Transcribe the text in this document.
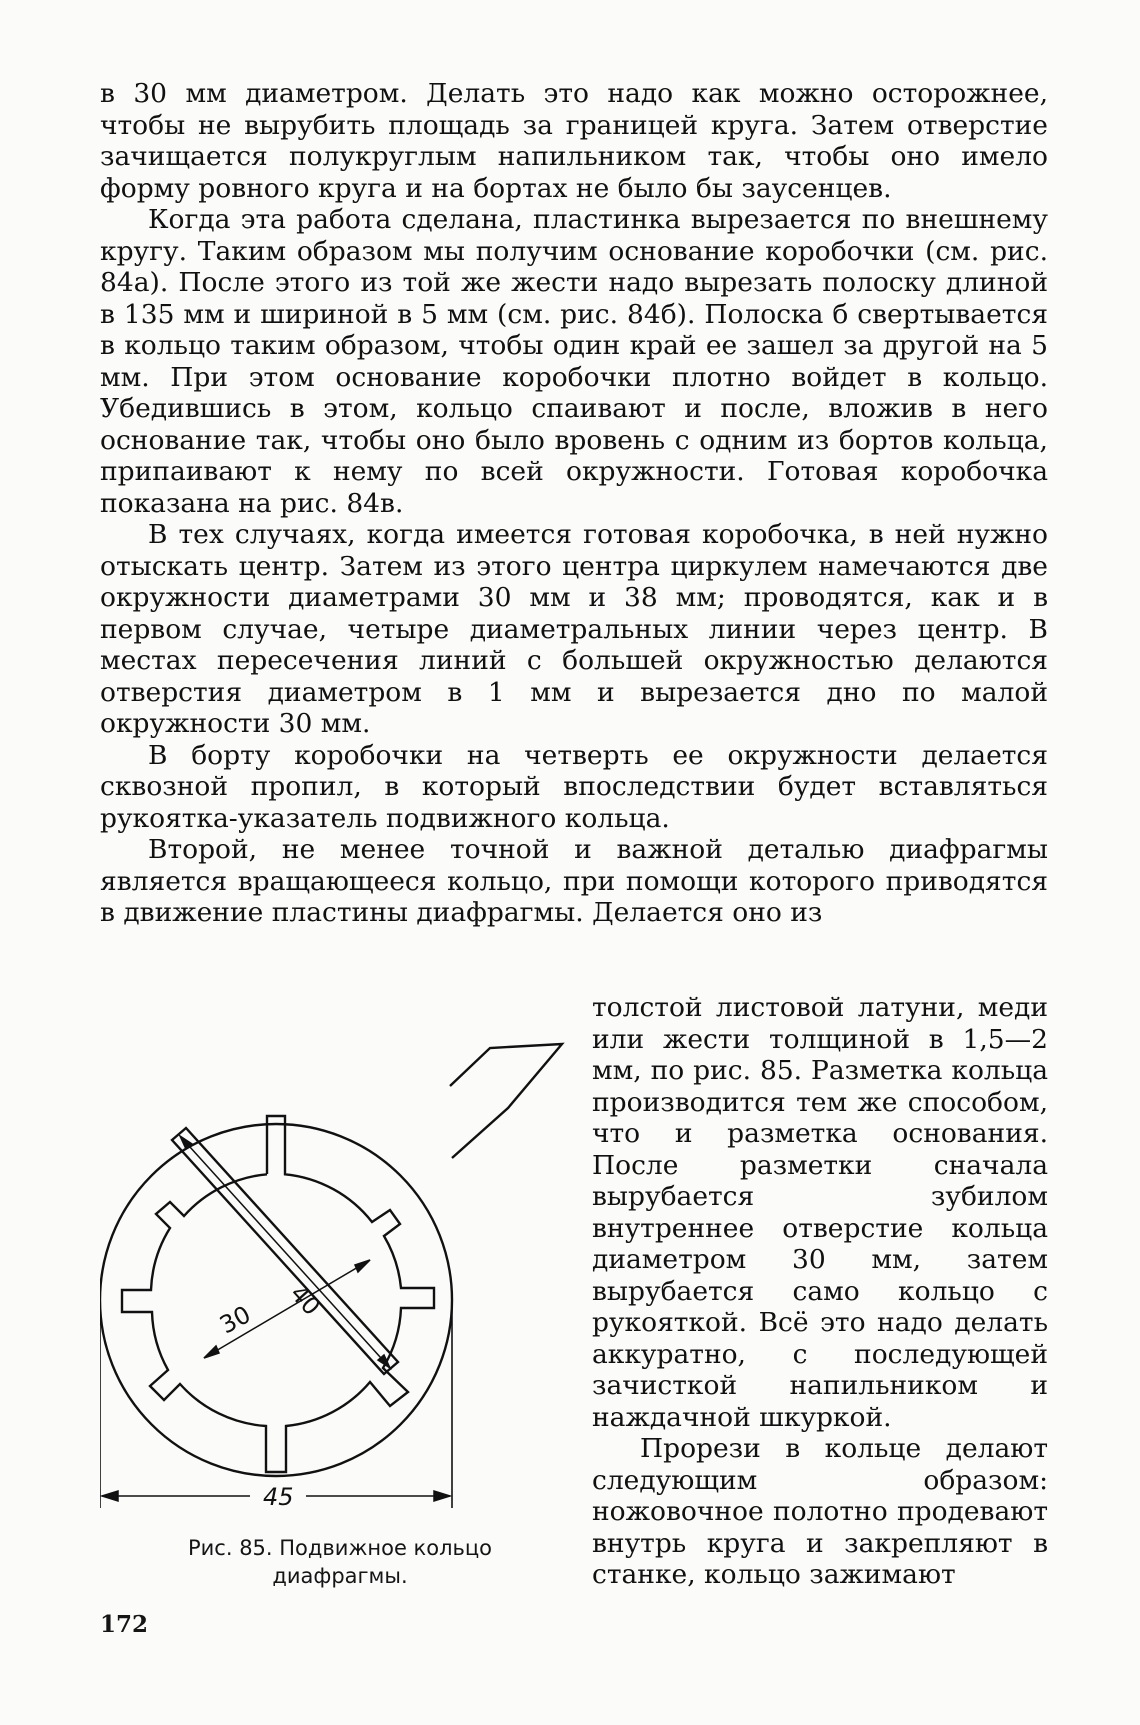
в 30 мм диаметром. Делать это надо как можно осторожнее, чтобы не вырубить площадь за границей круга. Затем отверстие зачищается полукруглым напильником так, чтобы оно имело форму ровного круга и на бортах не было бы заусенцев.

Когда эта работа сделана, пластинка вырезается по внешнему кругу. Таким образом мы получим основание коробочки (см. рис. 84а). После этого из той же жести надо вырезать полоску длиной в 135 мм и шириной в 5 мм (см. рис. 84б). Полоска б свертывается в кольцо таким образом, чтобы один край ее зашел за другой на 5 мм. При этом основание коробочки плотно войдет в кольцо. Убедившись в этом, кольцо спаивают и после, вложив в него основание так, чтобы оно было вровень с одним из бортов кольца, припаивают к нему по всей окружности. Готовая коробочка показана на рис. 84в.

В тех случаях, когда имеется готовая коробочка, в ней нужно отыскать центр. Затем из этого центра циркулем намечаются две окружности диаметрами 30 мм и 38 мм; проводятся, как и в первом случае, четыре диаметральных линии через центр. В местах пересечения линий с большей окружностью делаются отверстия диаметром в 1 мм и вырезается дно по малой окружности 30 мм.

В борту коробочки на четверть ее окружности делается сквозной пропил, в который впоследствии будет вставляться рукоятка-указатель подвижного кольца.

Второй, не менее точной и важной деталью диафрагмы является вращающееся кольцо, при помощи которого приводятся в движение пластины диафрагмы. Делается оно из

толстой листовой латуни, меди или жести толщиной в 1,5—2 мм, по рис. 85. Разметка кольца производится тем же способом, что и разметка основания. После разметки сначала вырубается зубилом внутреннее отверстие кольца диаметром 30 мм, затем вырубается само кольцо с рукояткой. Всё это надо делать аккуратно, с последующей зачисткой напильником и наждачной шкуркой.

Прорези в кольце делают следующим образом: ножовочное полотно продевают внутрь круга и закрепляют в станке, кольцо зажимают

30 40
45
Рис. 85. Подвижное кольцо
диафрагмы.
172
